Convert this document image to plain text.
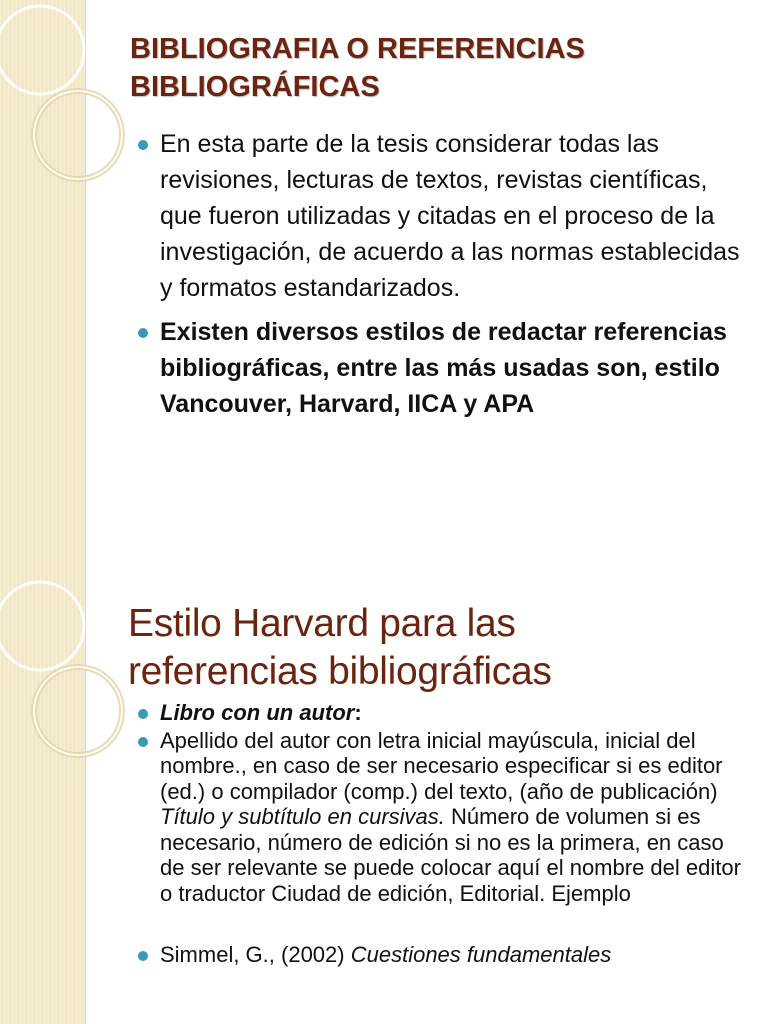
BIBLIOGRAFIA O REFERENCIAS
BIBLIOGRÁFICAS
En esta parte de la tesis considerar todas las revisiones, lecturas de textos, revistas científicas, que fueron utilizadas y citadas en el proceso de la investigación, de acuerdo a las normas establecidas y formatos estandarizados.
Existen diversos estilos de redactar referencias bibliográficas, entre las más usadas son, estilo Vancouver, Harvard, IICA y APA
Estilo Harvard para las
referencias bibliográficas
Libro con un autor:
Apellido del autor con letra inicial mayúscula, inicial del nombre., en caso de ser necesario especificar si es editor (ed.) o compilador (comp.) del texto, (año de publicación) Título y subtítulo en cursivas. Número de volumen si es necesario, número de edición si no es la primera, en caso de ser relevante se puede colocar aquí el nombre del editor o traductor Ciudad de edición, Editorial. Ejemplo
Simmel, G., (2002) Cuestiones fundamentales
